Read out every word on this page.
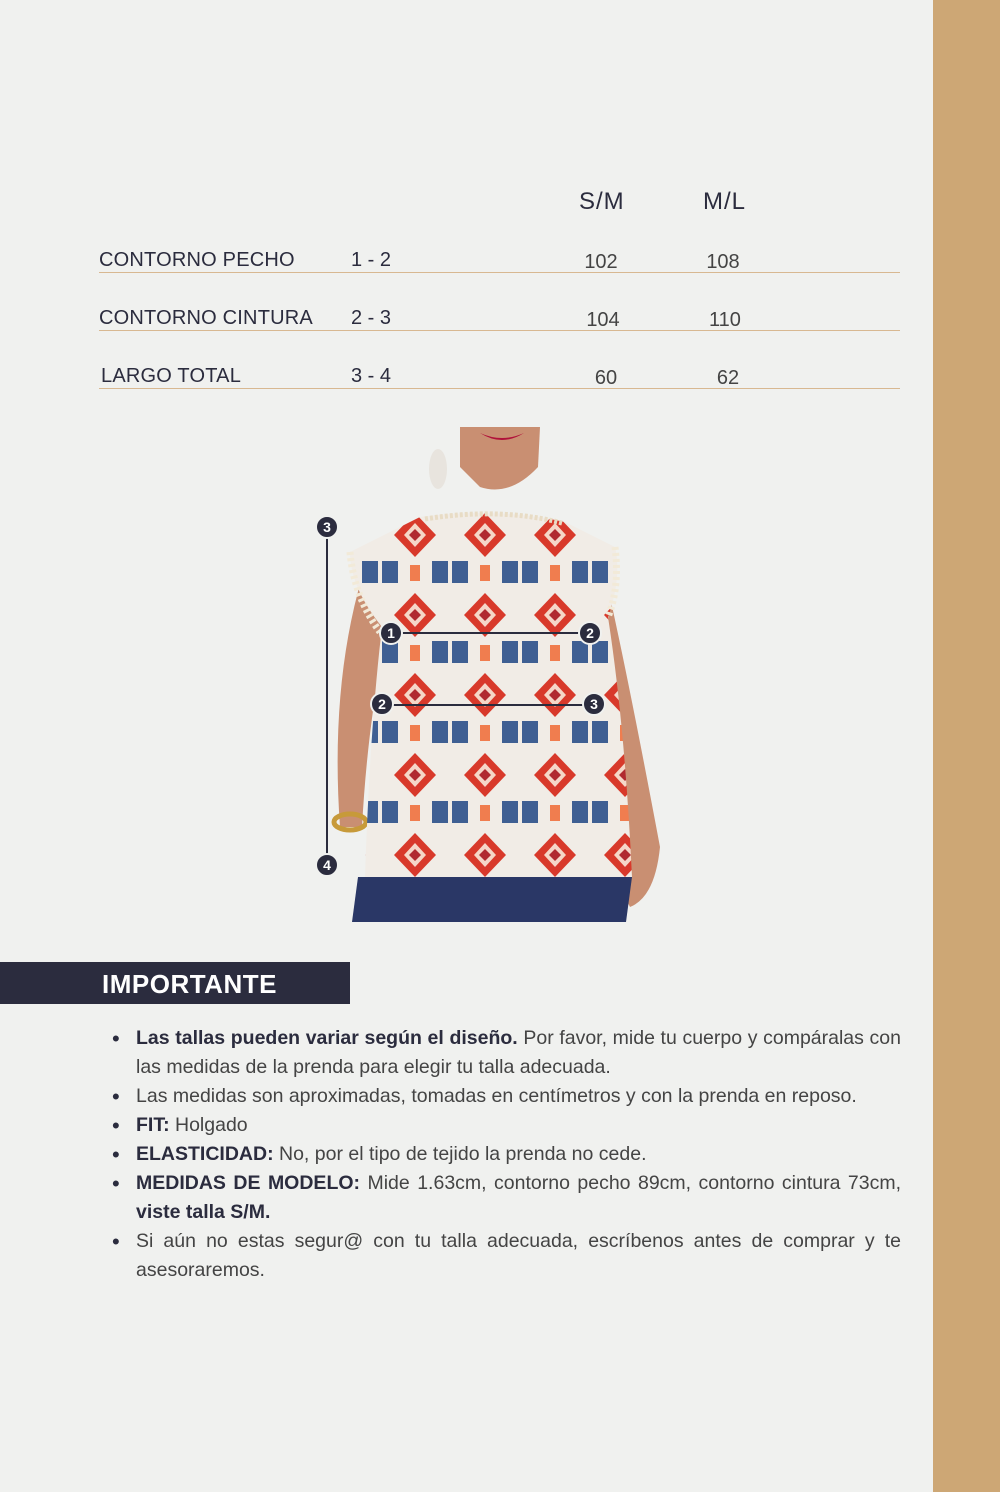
S/M	M/L
CONTORNO PECHO	1 - 2	102	108
CONTORNO CINTURA 2 - 3	104	110
LARGO TOTAL	3 - 4	60	62
3
1	2
2	3
4
IMPORTANTE
• Las tallas pueden variar según el diseño. Por favor, mide tu cuerpo y compáralas con las medidas de la prenda para elegir tu talla adecuada.
• Las medidas son aproximadas, tomadas en centímetros y con la prenda en reposo.
• FIT: Holgado
• ELASTICIDAD: No, por el tipo de tejido la prenda no cede.
• MEDIDAS DE MODELO: Mide 1.63cm, contorno pecho 89cm, contorno cintura 73cm, viste talla S/M.
• Si aún no estas segur@ con tu talla adecuada, escríbenos antes de comprar y te asesoraremos.
